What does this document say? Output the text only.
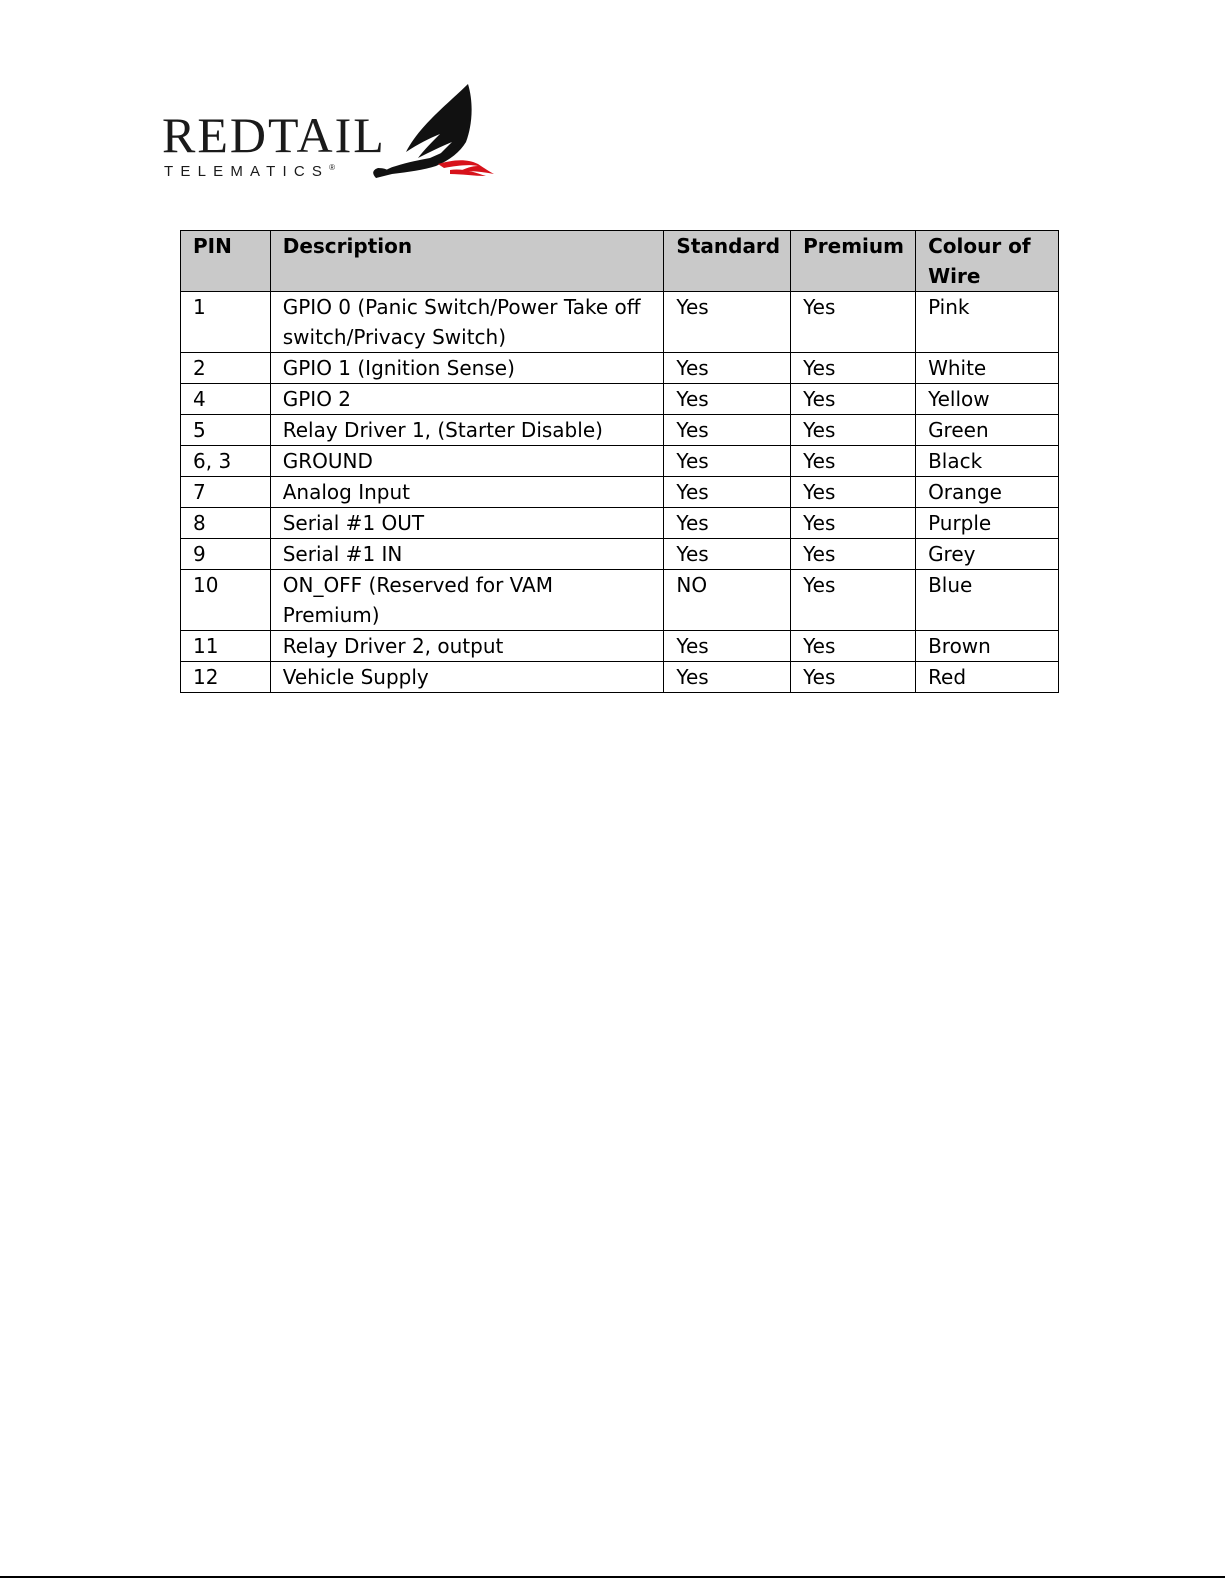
REDTAIL
TELEMATICS®
PIN	Description	Standard	Premium	Colour of Wire
1	GPIO 0 (Panic Switch/Power Take off switch/Privacy Switch)	Yes	Yes	Pink
2	GPIO 1 (Ignition Sense)	Yes	Yes	White
4	GPIO 2	Yes	Yes	Yellow
5	Relay Driver 1, (Starter Disable)	Yes	Yes	Green
6, 3	GROUND	Yes	Yes	Black
7	Analog Input	Yes	Yes	Orange
8	Serial #1 OUT	Yes	Yes	Purple
9	Serial #1 IN	Yes	Yes	Grey
10	ON_OFF (Reserved for VAM Premium)	NO	Yes	Blue
11	Relay Driver 2, output	Yes	Yes	Brown
12	Vehicle Supply	Yes	Yes	Red
